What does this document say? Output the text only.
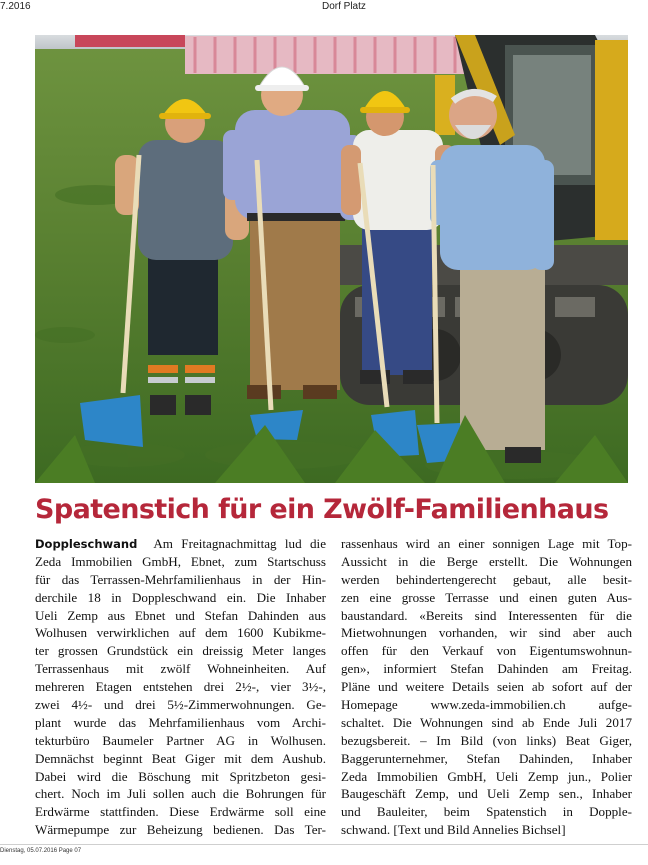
7.2016	Dorf Platz
Spatenstich für ein Zwölf-Familienhaus
Doppleschwand Am Freitagnachmittag lud die
Zeda Immobilien GmbH, Ebnet, zum Startschuss
für das Terrassen-Mehrfamilienhaus in der Hin-
derchile 18 in Doppleschwand ein. Die Inhaber
Ueli Zemp aus Ebnet und Stefan Dahinden aus
Wolhusen verwirklichen auf dem 1600 Kubikme-
ter grossen Grundstück ein dreissig Meter langes
Terrassenhaus mit zwölf Wohneinheiten. Auf
mehreren Etagen entstehen drei 2½-, vier 3½-,
zwei 4½- und drei 5½-Zimmerwohnungen. Ge-
plant wurde das Mehrfamilienhaus vom Archi-
tekturbüro Baumeler Partner AG in Wolhusen.
Demnächst beginnt Beat Giger mit dem Aushub.
Dabei wird die Böschung mit Spritzbeton gesi-
chert. Noch im Juli sollen auch die Bohrungen für
Erdwärme stattfinden. Diese Erdwärme soll eine
Wärmepumpe zur Beheizung bedienen. Das Ter-
rassenhaus wird an einer sonnigen Lage mit Top-
Aussicht in die Berge erstellt. Die Wohnungen
werden behindertengerecht gebaut, alle besit-
zen eine grosse Terrasse und einen guten Aus-
baustandard. «Bereits sind Interessenten für die
Mietwohnungen vorhanden, wir sind aber auch
offen für den Verkauf von Eigentumswohnun-
gen», informiert Stefan Dahinden am Freitag.
Pläne und weitere Details seien ab sofort auf der
Homepage www.zeda-immobilien.ch aufge-
schaltet. Die Wohnungen sind ab Ende Juli 2017
bezugsbereit. – Im Bild (von links) Beat Giger,
Baggerunternehmer, Stefan Dahinden, Inhaber
Zeda Immobilien GmbH, Ueli Zemp jun., Polier
Baugeschäft Zemp, und Ueli Zemp sen., Inhaber
und Bauleiter, beim Spatenstich in Dopple-
schwand. [Text und Bild Annelies Bichsel]
Dienstag, 05.07.2016 Page 07
